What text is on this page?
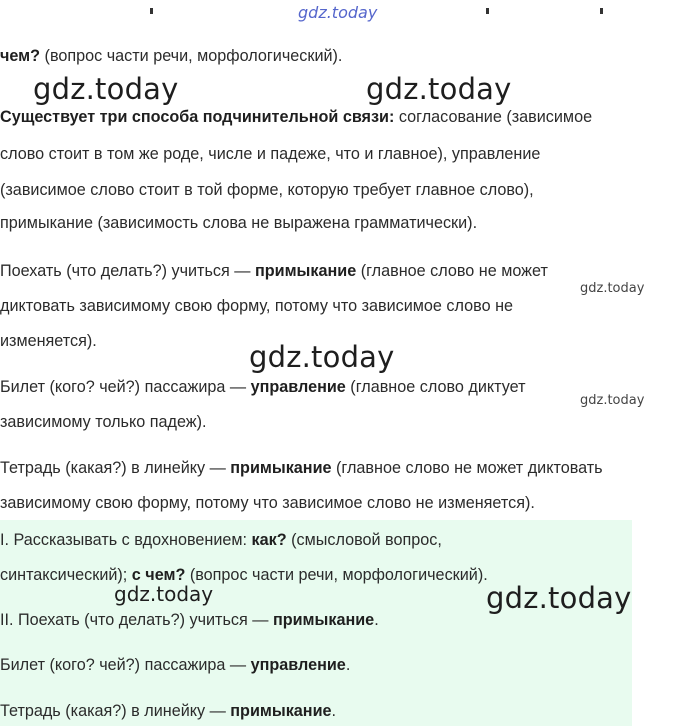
чем? (вопрос части речи, морфологический).
Существует три способа подчинительной связи: согласование (зависимое
слово стоит в том же роде, числе и падеже, что и главное), управление
(зависимое слово стоит в той форме, которую требует главное слово),
примыкание (зависимость слова не выражена грамматически).
Поехать (что делать?) учиться — примыкание (главное слово не может
диктовать зависимому свою форму, потому что зависимое слово не
изменяется).
Билет (кого? чей?) пассажира — управление (главное слово диктует
зависимому только падеж).
Тетрадь (какая?) в линейку — примыкание (главное слово не может диктовать
зависимому свою форму, потому что зависимое слово не изменяется).
I. Рассказывать с вдохновением: как? (смысловой вопрос,
синтаксический); с чем? (вопрос части речи, морфологический).
II. Поехать (что делать?) учиться — примыкание.
Билет (кого? чей?) пассажира — управление.
Тетрадь (какая?) в линейку — примыкание.
gdz.today
gdz.today	gdz.today
gdz.today
gdz.today
gdz.today
gdz.today	gdz.today
